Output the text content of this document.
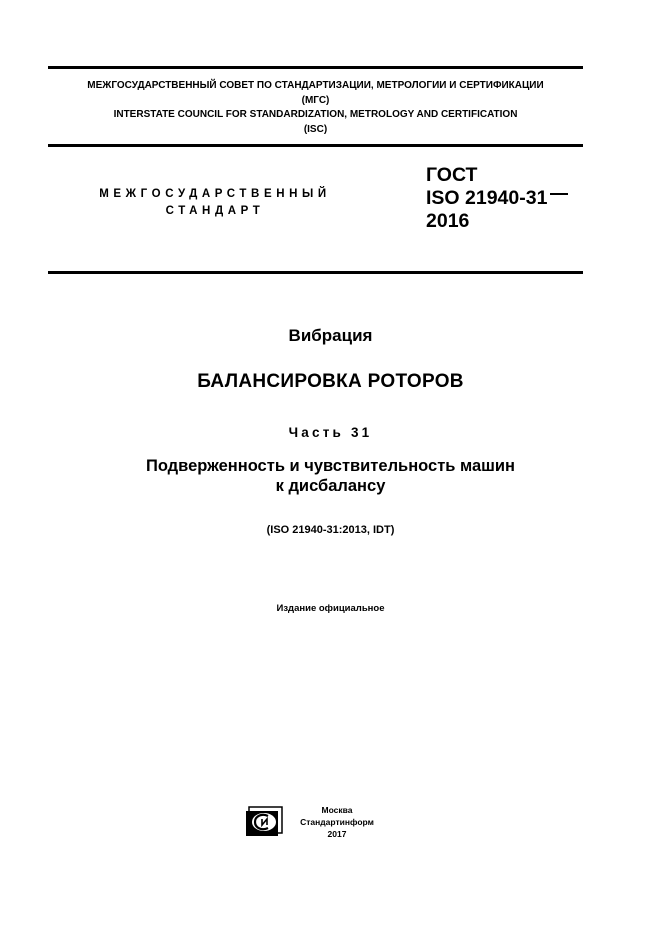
МЕЖГОСУДАРСТВЕННЫЙ СОВЕТ ПО СТАНДАРТИЗАЦИИ, МЕТРОЛОГИИ И СЕРТИФИКАЦИИ
(МГС)
INTERSTATE COUNCIL FOR STANDARDIZATION, METROLOGY AND CERTIFICATION
(ISC)
МЕЖГОСУДАРСТВЕННЫЙ
СТАНДАРТ
ГОСТ
ISO 21940-31
2016
Вибрация
БАЛАНСИРОВКА РОТОРОВ
Часть 31
Подверженность и чувствительность машин
к дисбалансу
(ISO 21940-31:2013, IDT)
Издание официальное
Москва
Стандартинформ
2017
